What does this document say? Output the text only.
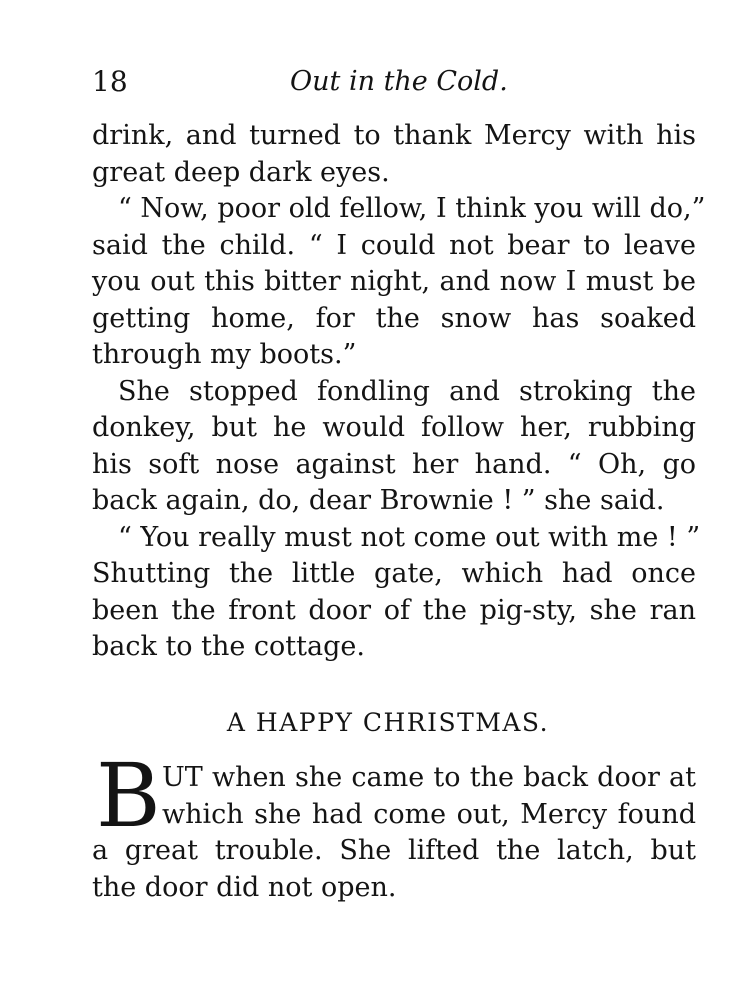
18	Out in the Cold.
drink, and turned to thank Mercy with his
great deep dark eyes.
“ Now, poor old fellow, I think you will do,”
said the child. “ I could not bear to leave
you out this bitter night, and now I must be
getting home, for the snow has soaked
through my boots.”
She stopped fondling and stroking the
donkey, but he would follow her, rubbing
his soft nose against her hand. “ Oh, go
back again, do, dear Brownie ! ” she said.
“ You really must not come out with me ! ”
Shutting the little gate, which had once
been the front door of the pig-sty, she ran
back to the cottage.
A HAPPY CHRISTMAS.
B UT when she came to the back door at
which she had come out, Mercy found
a great trouble. She lifted the latch, but
the door did not open.
